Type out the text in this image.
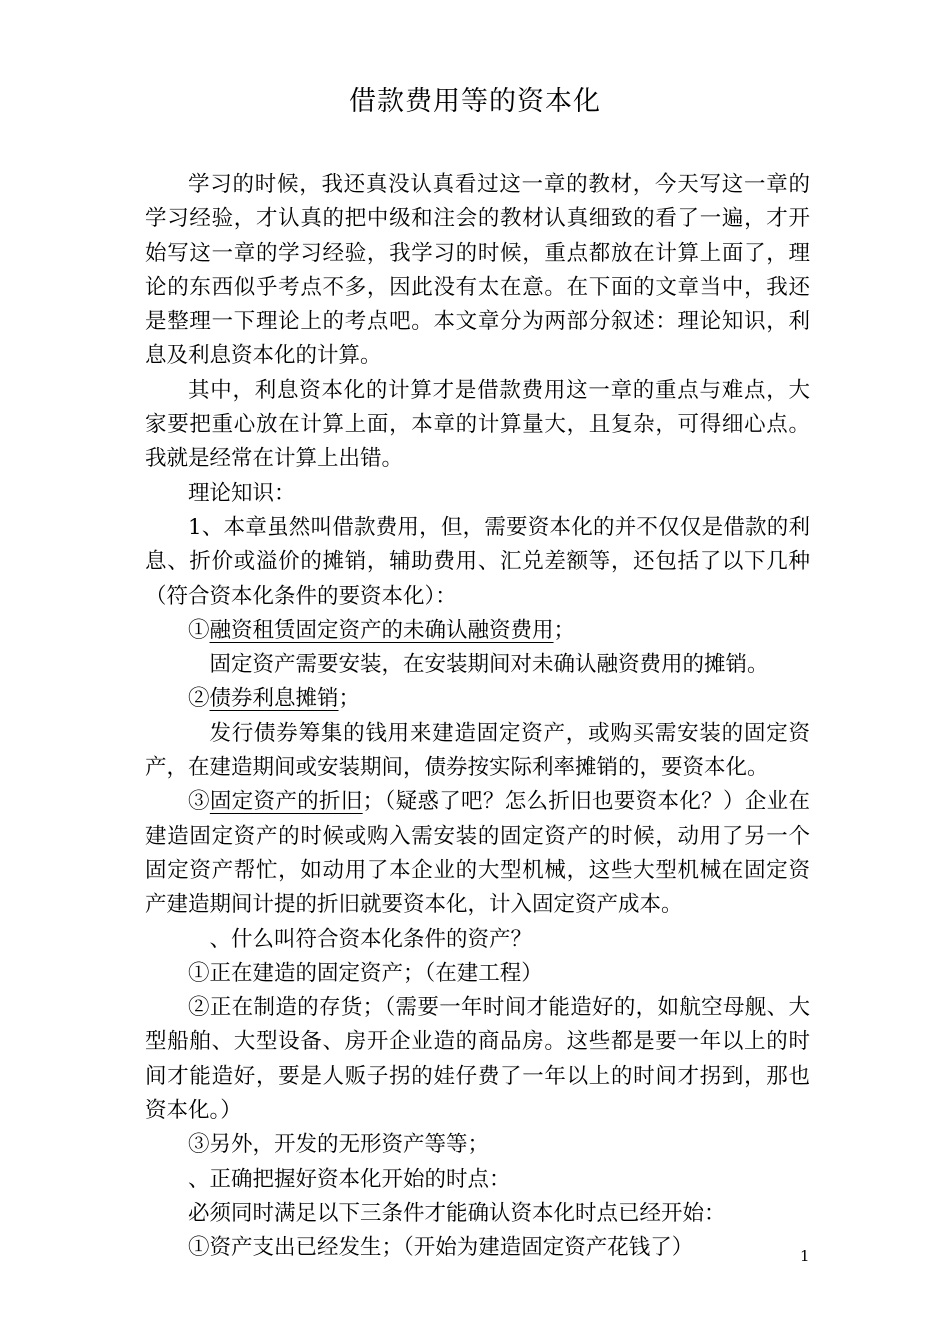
借款费用等的资本化

学习的时候，我还真没认真看过这一章的教材，今天写这一章的学习经验，才认真的把中级和注会的教材认真细致的看了一遍，才开始写这一章的学习经验，我学习的时候，重点都放在计算上面了，理论的东西似乎考点不多，因此没有太在意。在下面的文章当中，我还是整理一下理论上的考点吧。本文章分为两部分叙述：理论知识，利息及利息资本化的计算。

其中，利息资本化的计算才是借款费用这一章的重点与难点，大家要把重心放在计算上面，本章的计算量大，且复杂，可得细心点。我就是经常在计算上出错。

理论知识：

1、本章虽然叫借款费用，但，需要资本化的并不仅仅是借款的利息、折价或溢价的摊销，辅助费用、汇兑差额等，还包括了以下几种（符合资本化条件的要资本化）：

①融资租赁固定资产的未确认融资费用；

固定资产需要安装，在安装期间对未确认融资费用的摊销。

②债券利息摊销；

发行债券筹集的钱用来建造固定资产，或购买需安装的固定资产，在建造期间或安装期间，债券按实际利率摊销的，要资本化。

③固定资产的折旧；（疑惑了吧？怎么折旧也要资本化？）企业在建造固定资产的时候或购入需安装的固定资产的时候，动用了另一个固定资产帮忙，如动用了本企业的大型机械，这些大型机械在固定资产建造期间计提的折旧就要资本化，计入固定资产成本。

、什么叫符合资本化条件的资产？

①正在建造的固定资产；（在建工程）

②正在制造的存货；（需要一年时间才能造好的，如航空母舰、大型船舶、大型设备、房开企业造的商品房。这些都是要一年以上的时间才能造好，要是人贩子拐的娃仔费了一年以上的时间才拐到，那也资本化。）

③另外，开发的无形资产等等；

、正确把握好资本化开始的时点：

必须同时满足以下三条件才能确认资本化时点已经开始：

①资产支出已经发生；（开始为建造固定资产花钱了）	1
